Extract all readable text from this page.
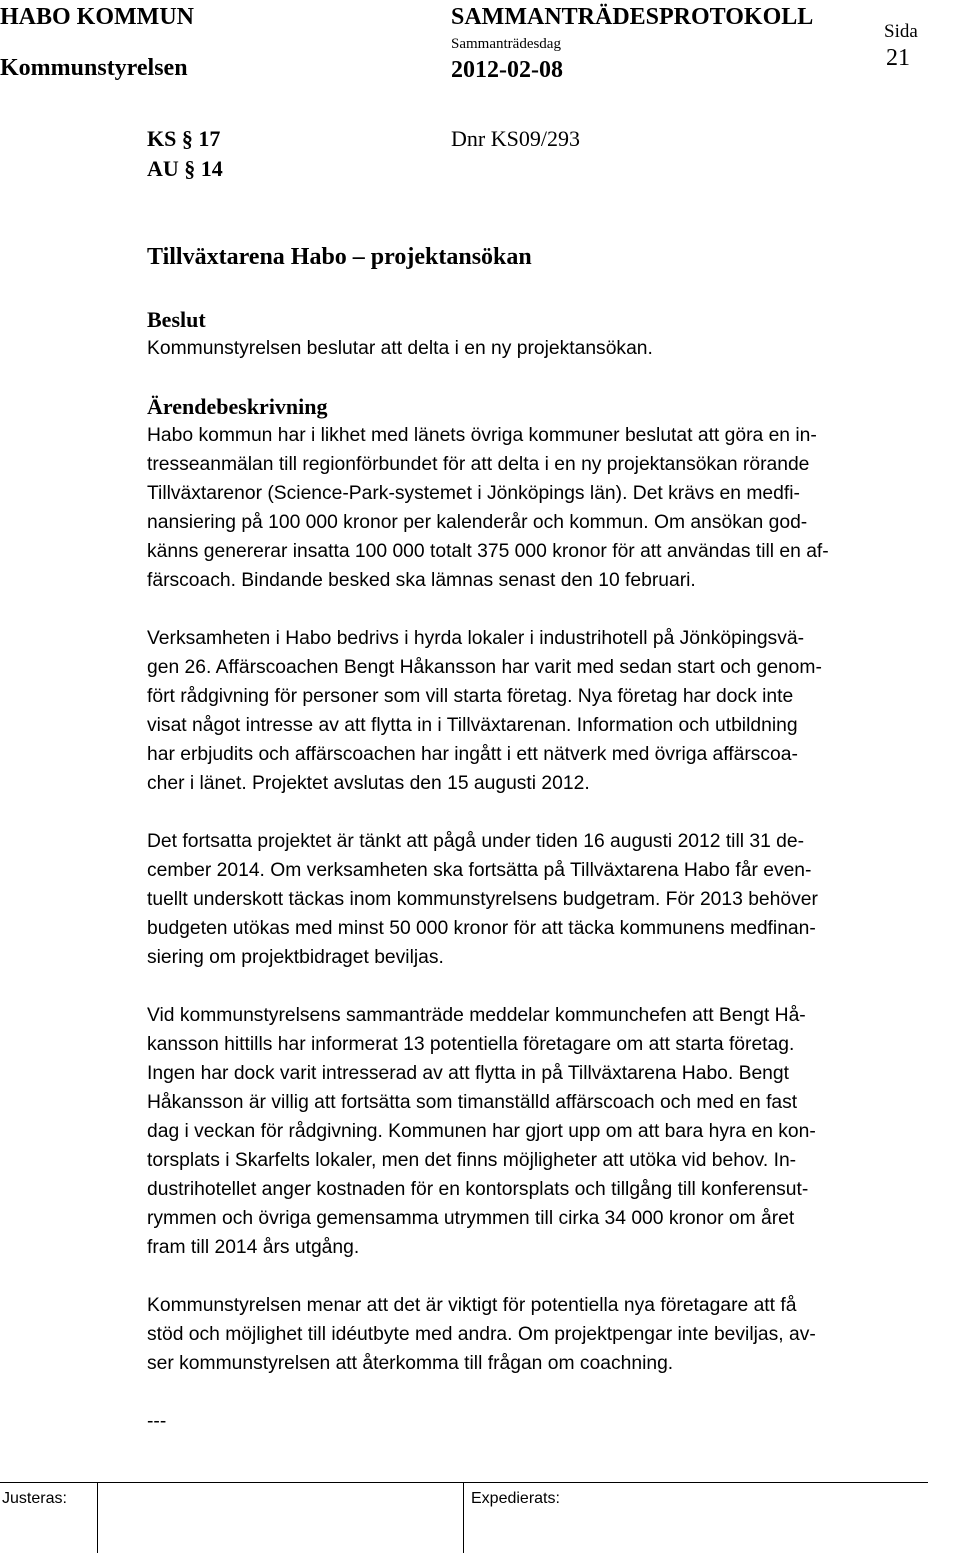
HABO KOMMUN	SAMMANTRÄDESPROTOKOLL
Kommunstyrelsen
Sammanträdesdag
2012-02-08
Sida
21
KS § 17
AU § 14
Dnr KS09/293
Tillväxtarena Habo – projektansökan
Beslut
Kommunstyrelsen beslutar att delta i en ny projektansökan.
Ärendebeskrivning
Habo kommun har i likhet med länets övriga kommuner beslutat att göra en in-
tresseanmälan till regionförbundet för att delta i en ny projektansökan rörande
Tillväxtarenor (Science-Park-systemet i Jönköpings län). Det krävs en medfi-
nansiering på 100 000 kronor per kalenderår och kommun. Om ansökan god-
känns genererar insatta 100 000 totalt 375 000 kronor för att användas till en af-
färscoach. Bindande besked ska lämnas senast den 10 februari.
Verksamheten i Habo bedrivs i hyrda lokaler i industrihotell på Jönköpingsvä-
gen 26. Affärscoachen Bengt Håkansson har varit med sedan start och genom-
fört rådgivning för personer som vill starta företag. Nya företag har dock inte
visat något intresse av att flytta in i Tillväxtarenan. Information och utbildning
har erbjudits och affärscoachen har ingått i ett nätverk med övriga affärscoa-
cher i länet. Projektet avslutas den 15 augusti 2012.
Det fortsatta projektet är tänkt att pågå under tiden 16 augusti 2012 till 31 de-
cember 2014. Om verksamheten ska fortsätta på Tillväxtarena Habo får even-
tuellt underskott täckas inom kommunstyrelsens budgetram. För 2013 behöver
budgeten utökas med minst 50 000 kronor för att täcka kommunens medfinan-
siering om projektbidraget beviljas.
Vid kommunstyrelsens sammanträde meddelar kommunchefen att Bengt Hå-
kansson hittills har informerat 13 potentiella företagare om att starta företag.
Ingen har dock varit intresserad av att flytta in på Tillväxtarena Habo. Bengt
Håkansson är villig att fortsätta som timanställd affärscoach och med en fast
dag i veckan för rådgivning. Kommunen har gjort upp om att bara hyra en kon-
torsplats i Skarfelts lokaler, men det finns möjligheter att utöka vid behov. In-
dustrihotellet anger kostnaden för en kontorsplats och tillgång till konferensut-
rymmen och övriga gemensamma utrymmen till cirka 34 000 kronor om året
fram till 2014 års utgång.
Kommunstyrelsen menar att det är viktigt för potentiella nya företagare att få
stöd och möjlighet till idéutbyte med andra. Om projektpengar inte beviljas, av-
ser kommunstyrelsen att återkomma till frågan om coachning.
---
Justeras:	Expedierats:
